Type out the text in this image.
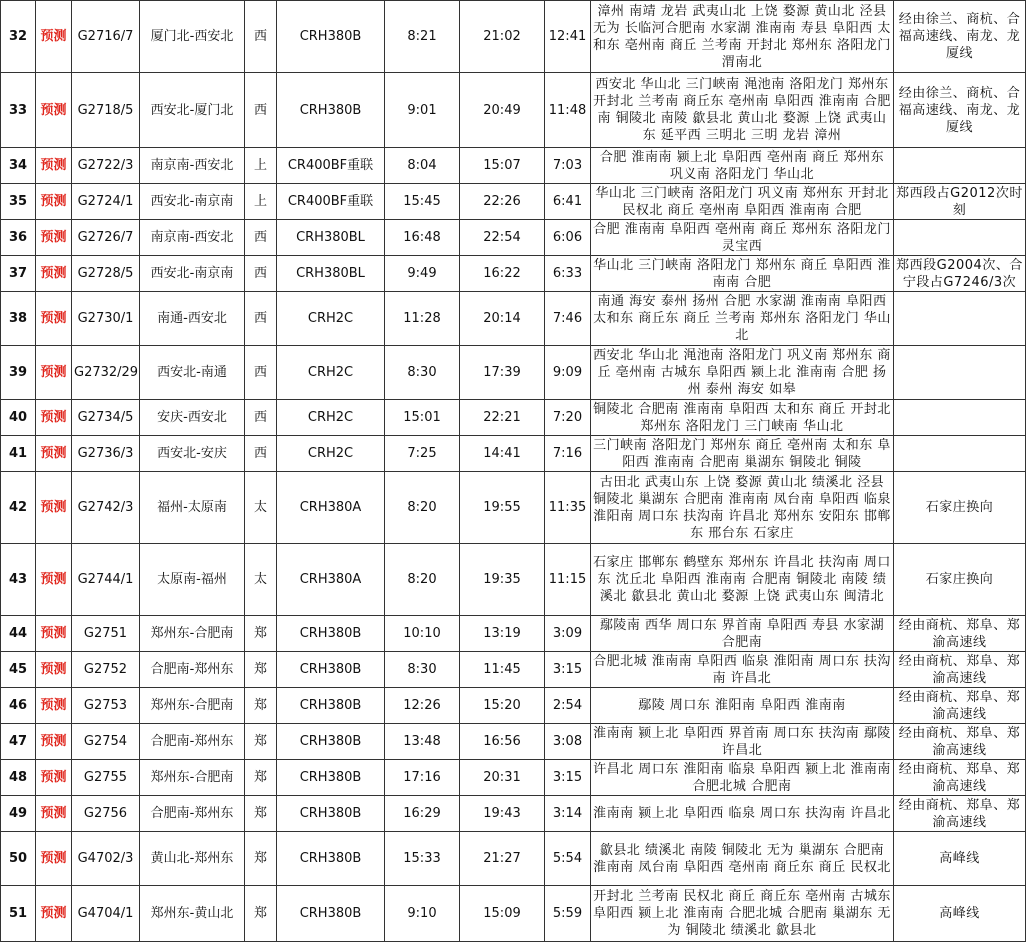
32	预测	G2716/7	厦门北-西安北	西	CRH380B	8:21	21:02	12:41	漳州 南靖 龙岩 武夷山北 上饶 婺源 黄山北 泾县 无为 长临河合肥南 水家湖 淮南南 寿县 阜阳西 太和东 亳州南 商丘 兰考南 开封北 郑州东 洛阳龙门 渭南北	经由徐兰、商杭、合福高速线、南龙、龙厦线
33	预测	G2718/5	西安北-厦门北	西	CRH380B	9:01	20:49	11:48	西安北 华山北 三门峡南 渑池南 洛阳龙门 郑州东 开封北 兰考南 商丘东 亳州南 阜阳西 淮南南 合肥南 铜陵北 南陵 歙县北 黄山北 婺源 上饶 武夷山东 延平西 三明北 三明 龙岩 漳州	经由徐兰、商杭、合福高速线、南龙、龙厦线
34	预测	G2722/3	南京南-西安北	上	CR400BF重联	8:04	15:07	7:03	合肥 淮南南 颍上北 阜阳西 亳州南 商丘 郑州东 巩义南 洛阳龙门 华山北	
35	预测	G2724/1	西安北-南京南	上	CR400BF重联	15:45	22:26	6:41	华山北 三门峡南 洛阳龙门 巩义南 郑州东 开封北 民权北 商丘 亳州南 阜阳西 淮南南 合肥	郑西段占G2012次时刻
36	预测	G2726/7	南京南-西安北	西	CRH380BL	16:48	22:54	6:06	合肥 淮南南 阜阳西 亳州南 商丘 郑州东 洛阳龙门 灵宝西	
37	预测	G2728/5	西安北-南京南	西	CRH380BL	9:49	16:22	6:33	华山北 三门峡南 洛阳龙门 郑州东 商丘 阜阳西 淮南南 合肥	郑西段G2004次、合宁段占G7246/3次
38	预测	G2730/1	南通-西安北	西	CRH2C	11:28	20:14	7:46	南通 海安 泰州 扬州 合肥 水家湖 淮南南 阜阳西 太和东 商丘东 商丘 兰考南 郑州东 洛阳龙门 华山北	
39	预测	G2732/29	西安北-南通	西	CRH2C	8:30	17:39	9:09	西安北 华山北 渑池南 洛阳龙门 巩义南 郑州东 商丘 亳州南 古城东 阜阳西 颍上北 淮南南 合肥 扬州 泰州 海安 如皋	
40	预测	G2734/5	安庆-西安北	西	CRH2C	15:01	22:21	7:20	铜陵北 合肥南 淮南南 阜阳西 太和东 商丘 开封北 郑州东 洛阳龙门 三门峡南 华山北	
41	预测	G2736/3	西安北-安庆	西	CRH2C	7:25	14:41	7:16	三门峡南 洛阳龙门 郑州东 商丘 亳州南 太和东 阜阳西 淮南南 合肥南 巢湖东 铜陵北 铜陵	
42	预测	G2742/3	福州-太原南	太	CRH380A	8:20	19:55	11:35	古田北 武夷山东 上饶 婺源 黄山北 绩溪北 泾县 铜陵北 巢湖东 合肥南 淮南南 凤台南 阜阳西 临泉 淮阳南 周口东 扶沟南 许昌北 郑州东 安阳东 邯郸东 邢台东 石家庄	石家庄换向
43	预测	G2744/1	太原南-福州	太	CRH380A	8:20	19:35	11:15	石家庄 邯郸东 鹤壁东 郑州东 许昌北 扶沟南 周口东 沈丘北 阜阳西 淮南南 合肥南 铜陵北 南陵 绩溪北 歙县北 黄山北 婺源 上饶 武夷山东 闽清北	石家庄换向
44	预测	G2751	郑州东-合肥南	郑	CRH380B	10:10	13:19	3:09	鄢陵南 西华 周口东 界首南 阜阳西 寿县 水家湖 合肥南	经由商杭、郑阜、郑渝高速线
45	预测	G2752	合肥南-郑州东	郑	CRH380B	8:30	11:45	3:15	合肥北城 淮南南 阜阳西 临泉 淮阳南 周口东 扶沟南 许昌北	经由商杭、郑阜、郑渝高速线
46	预测	G2753	郑州东-合肥南	郑	CRH380B	12:26	15:20	2:54	鄢陵 周口东 淮阳南 阜阳西 淮南南	经由商杭、郑阜、郑渝高速线
47	预测	G2754	合肥南-郑州东	郑	CRH380B	13:48	16:56	3:08	淮南南 颍上北 阜阳西 界首南 周口东 扶沟南 鄢陵 许昌北	经由商杭、郑阜、郑渝高速线
48	预测	G2755	郑州东-合肥南	郑	CRH380B	17:16	20:31	3:15	许昌北 周口东 淮阳南 临泉 阜阳西 颍上北 淮南南 合肥北城 合肥南	经由商杭、郑阜、郑渝高速线
49	预测	G2756	合肥南-郑州东	郑	CRH380B	16:29	19:43	3:14	淮南南 颍上北 阜阳西 临泉 周口东 扶沟南 许昌北	经由商杭、郑阜、郑渝高速线
50	预测	G4702/3	黄山北-郑州东	郑	CRH380B	15:33	21:27	5:54	歙县北 绩溪北 南陵 铜陵北 无为 巢湖东 合肥南 淮南南 凤台南 阜阳西 亳州南 商丘东 商丘 民权北	高峰线
51	预测	G4704/1	郑州东-黄山北	郑	CRH380B	9:10	15:09	5:59	开封北 兰考南 民权北 商丘 商丘东 亳州南 古城东 阜阳西 颍上北 淮南南 合肥北城 合肥南 巢湖东 无为 铜陵北 绩溪北 歙县北	高峰线
